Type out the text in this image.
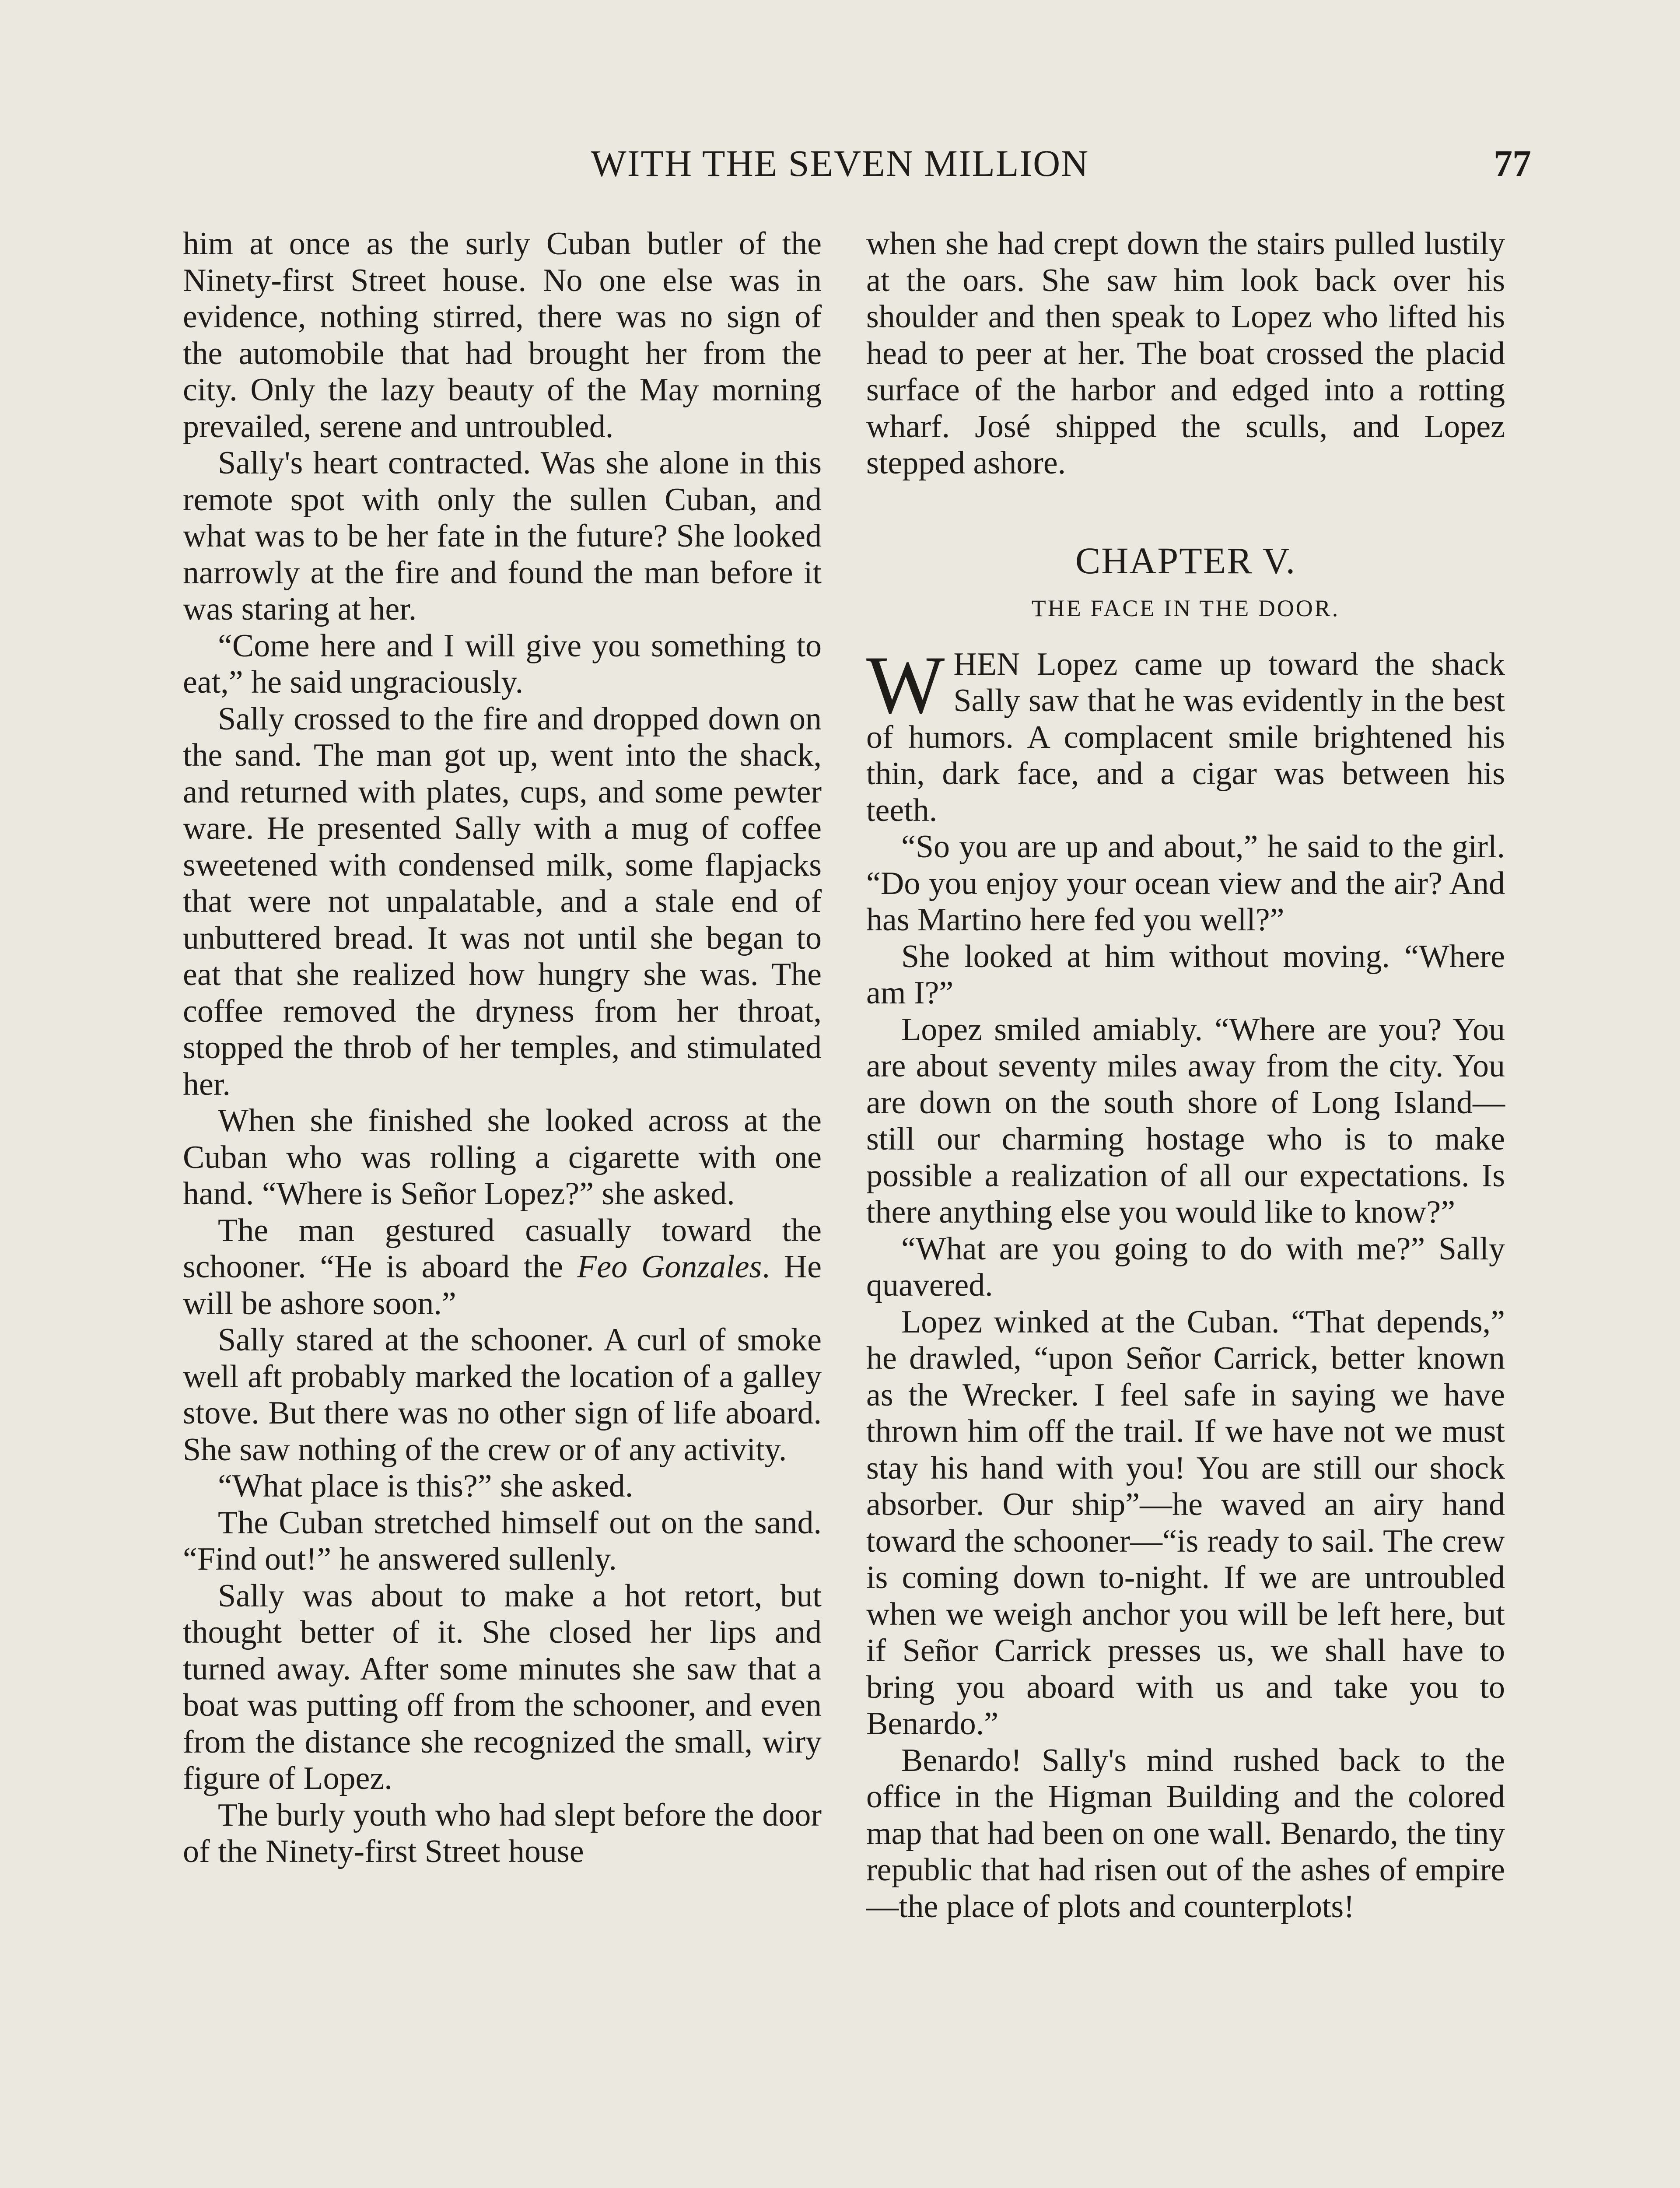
WITH THE SEVEN MILLION	77

him at once as the surly Cuban butler of the Ninety-first Street house. No one else was in evidence, nothing stirred, there was no sign of the automobile that had brought her from the city. Only the lazy beauty of the May morning prevailed, serene and untroubled.

Sally's heart contracted. Was she alone in this remote spot with only the sullen Cuban, and what was to be her fate in the future? She looked narrowly at the fire and found the man before it was staring at her.

“Come here and I will give you something to eat,” he said ungraciously.

Sally crossed to the fire and dropped down on the sand. The man got up, went into the shack, and returned with plates, cups, and some pewter ware. He presented Sally with a mug of coffee sweetened with condensed milk, some flapjacks that were not unpalatable, and a stale end of unbuttered bread. It was not until she began to eat that she realized how hungry she was. The coffee removed the dryness from her throat, stopped the throb of her temples, and stimulated her.

When she finished she looked across at the Cuban who was rolling a cigarette with one hand. “Where is Señor Lopez?” she asked.

The man gestured casually toward the schooner. “He is aboard the Feo Gonzales. He will be ashore soon.”

Sally stared at the schooner. A curl of smoke well aft probably marked the location of a galley stove. But there was no other sign of life aboard. She saw nothing of the crew or of any activity.

“What place is this?” she asked.

The Cuban stretched himself out on the sand. “Find out!” he answered sullenly.

Sally was about to make a hot retort, but thought better of it. She closed her lips and turned away. After some minutes she saw that a boat was putting off from the schooner, and even from the distance she recognized the small, wiry figure of Lopez.

The burly youth who had slept before the door of the Ninety-first Street house

when she had crept down the stairs pulled lustily at the oars. She saw him look back over his shoulder and then speak to Lopez who lifted his head to peer at her. The boat crossed the placid surface of the harbor and edged into a rotting wharf. José shipped the sculls, and Lopez stepped ashore.

CHAPTER V.
THE FACE IN THE DOOR.

WHEN Lopez came up toward the shack Sally saw that he was evidently in the best of humors. A complacent smile brightened his thin, dark face, and a cigar was between his teeth.

“So you are up and about,” he said to the girl. “Do you enjoy your ocean view and the air? And has Martino here fed you well?”

She looked at him without moving. “Where am I?”

Lopez smiled amiably. “Where are you? You are about seventy miles away from the city. You are down on the south shore of Long Island—still our charming hostage who is to make possible a realization of all our expectations. Is there anything else you would like to know?”

“What are you going to do with me?” Sally quavered.

Lopez winked at the Cuban. “That depends,” he drawled, “upon Señor Carrick, better known as the Wrecker. I feel safe in saying we have thrown him off the trail. If we have not we must stay his hand with you! You are still our shock absorber. Our ship”—he waved an airy hand toward the schooner—“is ready to sail. The crew is coming down to-night. If we are untroubled when we weigh anchor you will be left here, but if Señor Carrick presses us, we shall have to bring you aboard with us and take you to Benardo.”

Benardo! Sally's mind rushed back to the office in the Higman Building and the colored map that had been on one wall. Benardo, the tiny republic that had risen out of the ashes of empire—the place of plots and counterplots!
